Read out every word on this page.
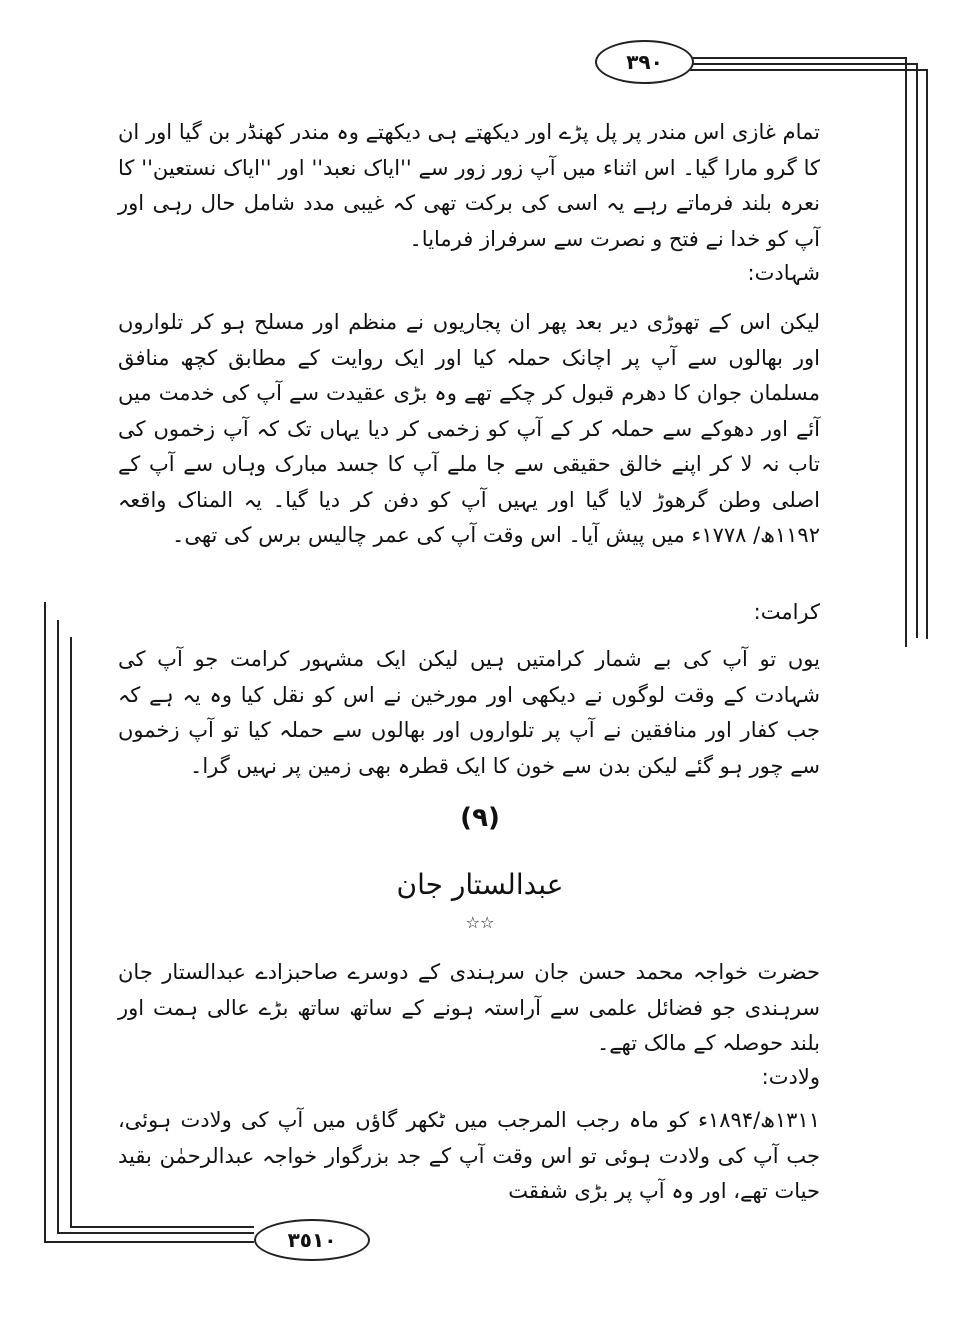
٣٩٠
٣٥١٠

تمام غازی اس مندر پر پل پڑے اور دیکھتے ہی دیکھتے وہ مندر کھنڈر بن گیا اور ان کا گرو مارا گیا۔ اس اثناء میں آپ زور زور سے ''ایاک نعبد'' اور ''ایاک نستعین'' کا نعرہ بلند فرماتے رہے یہ اسی کی برکت تھی کہ غیبی مدد شامل حال رہی اور آپ کو خدا نے فتح و نصرت سے سرفراز فرمایا۔

شہادت:

لیکن اس کے تھوڑی دیر بعد پھر ان پجاریوں نے منظم اور مسلح ہو کر تلواروں اور بھالوں سے آپ پر اچانک حملہ کیا اور ایک روایت کے مطابق کچھ منافق مسلمان جوان کا دھرم قبول کر چکے تھے وہ بڑی عقیدت سے آپ کی خدمت میں آئے اور دھوکے سے حملہ کر کے آپ کو زخمی کر دیا یہاں تک کہ آپ زخموں کی تاب نہ لا کر اپنے خالق حقیقی سے جا ملے آپ کا جسد مبارک وہاں سے آپ کے اصلی وطن گرھوڑ لایا گیا اور یہیں آپ کو دفن کر دیا گیا۔ یہ المناک واقعہ ۱۱۹۲ھ/ ۱۷۷۸ء میں پیش آیا۔ اس وقت آپ کی عمر چالیس برس کی تھی۔

کرامت:

یوں تو آپ کی بے شمار کرامتیں ہیں لیکن ایک مشہور کرامت جو آپ کی شہادت کے وقت لوگوں نے دیکھی اور مورخین نے اس کو نقل کیا وہ یہ ہے کہ جب کفار اور منافقین نے آپ پر تلواروں اور بھالوں سے حملہ کیا تو آپ زخموں سے چور ہو گئے لیکن بدن سے خون کا ایک قطرہ بھی زمین پر نہیں گرا۔

(٩)
عبدالستار جان
☆☆

حضرت خواجہ محمد حسن جان سرہندی کے دوسرے صاحبزادے عبدالستار جان سرہندی جو فضائل علمی سے آراستہ ہونے کے ساتھ ساتھ بڑے عالی ہمت اور بلند حوصلہ کے مالک تھے۔

ولادت:

۱۳۱۱ھ/۱۸۹۴ء کو ماہ رجب المرجب میں ٹکھر گاؤں میں آپ کی ولادت ہوئی، جب آپ کی ولادت ہوئی تو اس وقت آپ کے جد بزرگوار خواجہ عبدالرحمٰن بقید حیات تھے، اور وہ آپ پر بڑی شفقت
